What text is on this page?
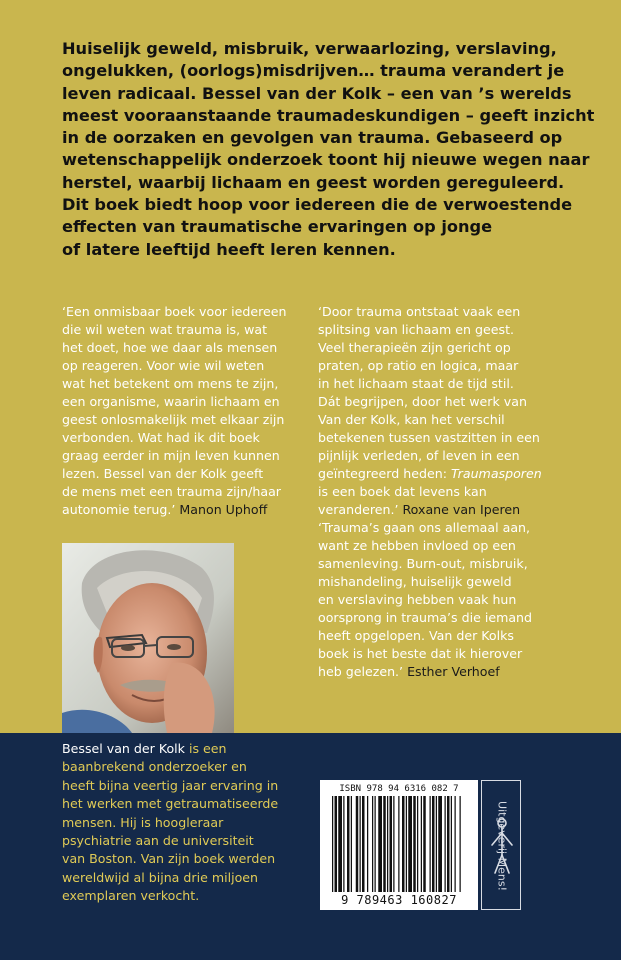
Huiselijk geweld, misbruik, verwaarlozing, verslaving,
ongelukken, (oorlogs)misdrijven… trauma verandert je
leven radicaal. Bessel van der Kolk – een van ’s werelds
meest vooraanstaande traumadeskundigen – geeft inzicht
in de oorzaken en gevolgen van trauma. Gebaseerd op
wetenschappelijk onderzoek toont hij nieuwe wegen naar
herstel, waarbij lichaam en geest worden gereguleerd.
Dit boek biedt hoop voor iedereen die de verwoestende
effecten van traumatische ervaringen op jonge
of latere leeftijd heeft leren kennen.
‘Een onmisbaar boek voor iedereen
die wil weten wat trauma is, wat
het doet, hoe we daar als mensen
op reageren. Voor wie wil weten
wat het betekent om mens te zijn,
een organisme, waarin lichaam en
geest onlosmakelijk met elkaar zijn
verbonden. Wat had ik dit boek
graag eerder in mijn leven kunnen
lezen. Bessel van der Kolk geeft
de mens met een trauma zijn/haar
autonomie terug.’ Manon Uphoff
‘Door trauma ontstaat vaak een
splitsing van lichaam en geest.
Veel therapieën zijn gericht op
praten, op ratio en logica, maar
in het lichaam staat de tijd stil.
Dát begrijpen, door het werk van
Van der Kolk, kan het verschil
betekenen tussen vastzitten in een
pijnlijk verleden, of leven in een
geïntegreerd heden: Traumasporen
is een boek dat levens kan
veranderen.’ Roxane van Iperen
‘Trauma’s gaan ons allemaal aan,
want ze hebben invloed op een
samenleving. Burn-out, misbruik,
mishandeling, huiselijk geweld
en verslaving hebben vaak hun
oorsprong in trauma’s die iemand
heeft opgelopen. Van der Kolks
boek is het beste dat ik hierover
heb gelezen.’ Esther Verhoef
Bessel van der Kolk is een
baanbrekend onderzoeker en
heeft bijna veertig jaar ervaring in
het werken met getraumatiseerde
mensen. Hij is hoogleraar
psychiatrie aan de universiteit
van Boston. Van zijn boek werden
wereldwijd al bijna drie miljoen
exemplaren verkocht.
ISBN 978 94 6316 082 7
9 789463 160827
Uitgeverij Mens!
